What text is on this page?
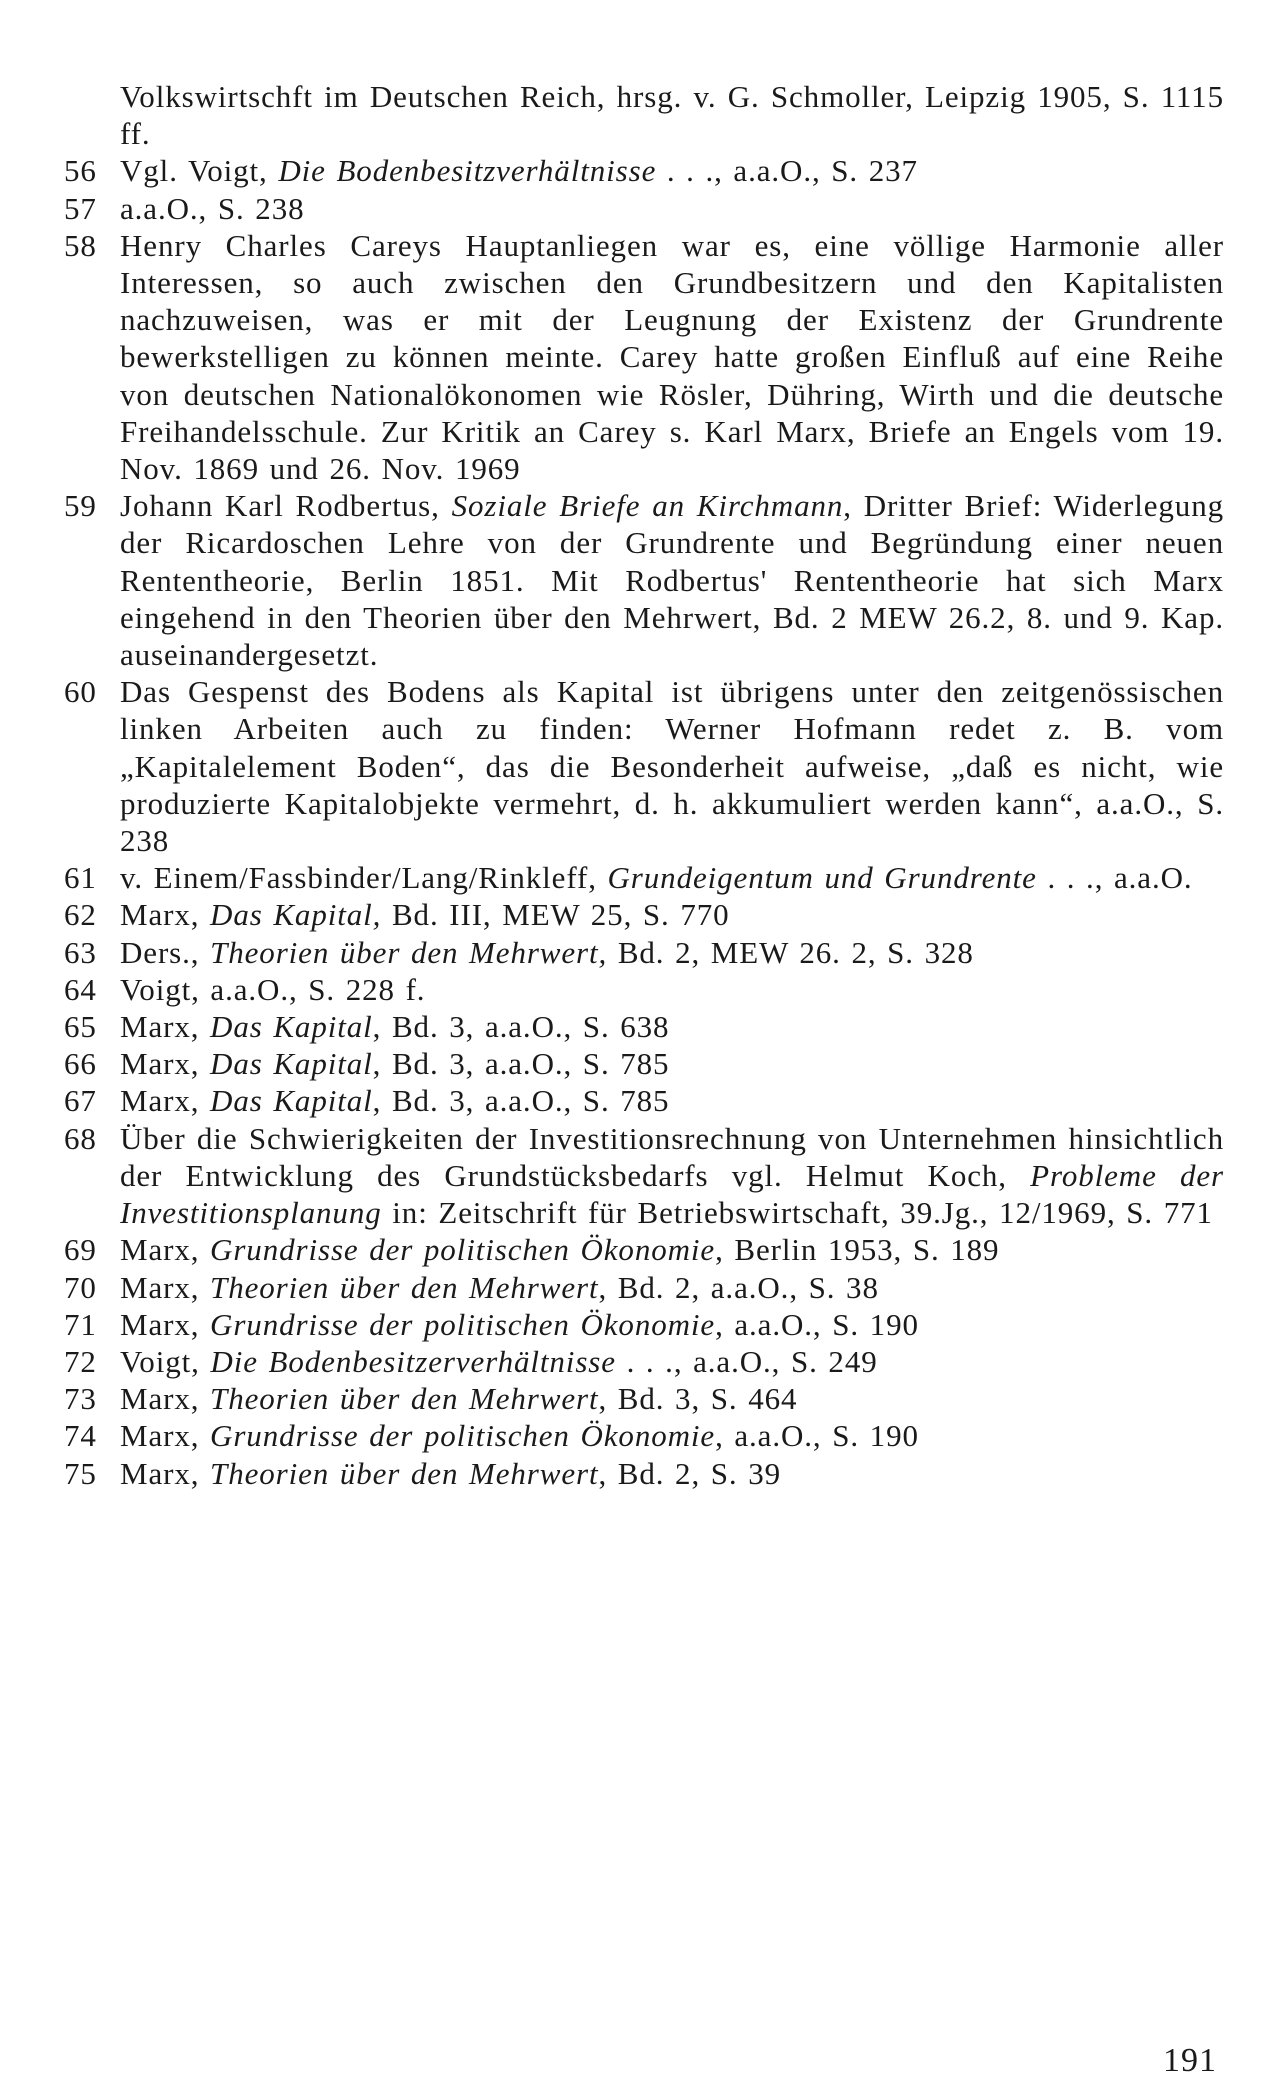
Volkswirtschft im Deutschen Reich, hrsg. v. G. Schmoller, Leipzig 1905, S. 1115 ff.
56 Vgl. Voigt, Die Bodenbesitzverhältnisse . . ., a.a.O., S. 237
57 a.a.O., S. 238
58 Henry Charles Careys Hauptanliegen war es, eine völlige Harmonie aller Interessen, so auch zwischen den Grundbesitzern und den Kapitalisten nachzuweisen, was er mit der Leugnung der Existenz der Grundrente bewerkstelligen zu können meinte. Carey hatte großen Einfluß auf eine Reihe von deutschen Nationalökonomen wie Rösler, Dühring, Wirth und die deutsche Freihandelsschule. Zur Kritik an Carey s. Karl Marx, Briefe an Engels vom 19. Nov. 1869 und 26. Nov. 1969
59 Johann Karl Rodbertus, Soziale Briefe an Kirchmann, Dritter Brief: Widerlegung der Ricardoschen Lehre von der Grundrente und Begründung einer neuen Rententheorie, Berlin 1851. Mit Rodbertus' Rententheorie hat sich Marx eingehend in den Theorien über den Mehrwert, Bd. 2 MEW 26.2, 8. und 9. Kap. auseinandergesetzt.
60 Das Gespenst des Bodens als Kapital ist übrigens unter den zeitgenössischen linken Arbeiten auch zu finden: Werner Hofmann redet z. B. vom „Kapitalelement Boden“, das die Besonderheit aufweise, „daß es nicht, wie produzierte Kapitalobjekte vermehrt, d. h. akkumuliert werden kann“, a.a.O., S. 238
61 v. Einem/Fassbinder/Lang/Rinkleff, Grundeigentum und Grundrente . . ., a.a.O.
62 Marx, Das Kapital, Bd. III, MEW 25, S. 770
63 Ders., Theorien über den Mehrwert, Bd. 2, MEW 26. 2, S. 328
64 Voigt, a.a.O., S. 228 f.
65 Marx, Das Kapital, Bd. 3, a.a.O., S. 638
66 Marx, Das Kapital, Bd. 3, a.a.O., S. 785
67 Marx, Das Kapital, Bd. 3, a.a.O., S. 785
68 Über die Schwierigkeiten der Investitionsrechnung von Unternehmen hinsichtlich der Entwicklung des Grundstücksbedarfs vgl. Helmut Koch, Probleme der Investitionsplanung in: Zeitschrift für Betriebswirtschaft, 39.Jg., 12/1969, S. 771
69 Marx, Grundrisse der politischen Ökonomie, Berlin 1953, S. 189
70 Marx, Theorien über den Mehrwert, Bd. 2, a.a.O., S. 38
71 Marx, Grundrisse der politischen Ökonomie, a.a.O., S. 190
72 Voigt, Die Bodenbesitzerverhältnisse . . ., a.a.O., S. 249
73 Marx, Theorien über den Mehrwert, Bd. 3, S. 464
74 Marx, Grundrisse der politischen Ökonomie, a.a.O., S. 190
75 Marx, Theorien über den Mehrwert, Bd. 2, S. 39
191
